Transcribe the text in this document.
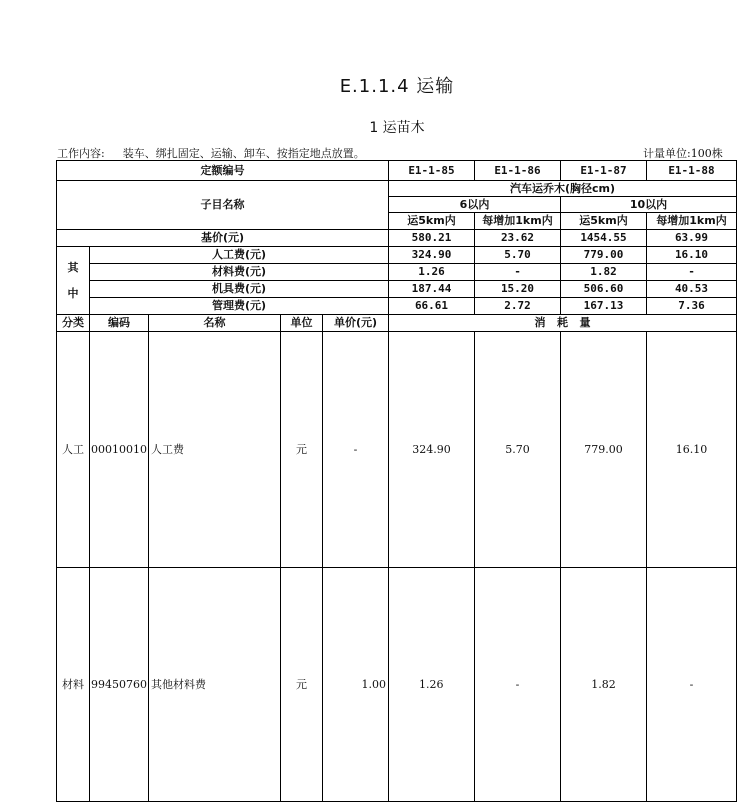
E.1.1.4 运输
1 运苗木
工作内容: 装车、绑扎固定、运输、卸车、按指定地点放置。	计量单位:100株
定额编号					E1-1-85	E1-1-86	E1-1-87	E1-1-88
子目名称					汽车运乔木(胸径cm)			
					6以内		10以内	
					运5km内	每增加1km内	运5km内	每增加1km内
基价(元)					580.21	23.62	1454.55	63.99

其
中	人工费(元)				324.90	5.70	779.00	16.10
	材料费(元)				1.26	-	1.82	-
	机具费(元)				187.44	15.20	506.60	40.53
	管理费(元)				66.61	2.72	167.13	7.36
分类	编码	名称	单位	单价(元)	消   耗   量			
人工	00010010	人工费	元	-	324.90	5.70	779.00	16.10
材料	99450760	其他材料费	元	1.00	1.26	-	1.82	-
